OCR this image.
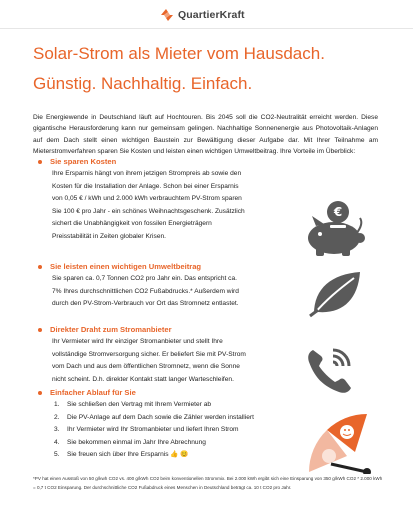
QuartierKraft
Solar-Strom als Mieter vom Hausdach.
Günstig. Nachhaltig. Einfach.
Die Energiewende in Deutschland läuft auf Hochtouren. Bis 2045 soll die CO2-Neutralität erreicht werden. Diese gigantische Herausforderung kann nur gemeinsam gelingen. Nachhaltige Sonnenenergie aus Photovoltaik-Anlagen auf dem Dach stellt einen wichtigen Baustein zur Bewältigung dieser Aufgabe dar. Mit Ihrer Teilnahme am Mieterstromverfahren sparen Sie Kosten und leisten einen wichtigen Umweltbeitrag. Ihre Vorteile im Überblick:
Sie sparen Kosten
Ihre Ersparnis hängt von ihrem jetzigen Strompreis ab sowie den
Kosten für die Installation der Anlage. Schon bei einer Ersparnis
von 0,05 € / kWh und 2.000 kWh verbrauchtem PV-Strom sparen
Sie 100 € pro Jahr - ein schönes Weihnachtsgeschenk. Zusätzlich
sichert die Unabhängigkeit von fossilen Energieträgern
Preisstabilität in Zeiten globaler Krisen.
Sie leisten einen wichtigen Umweltbeitrag
Sie sparen ca. 0,7 Tonnen CO2 pro Jahr ein. Das entspricht ca.
7% Ihres durchschnittlichen CO2 Fußabdrucks.* Außerdem wird
durch den PV-Strom-Verbrauch vor Ort das Stromnetz entlastet.
Direkter Draht zum Stromanbieter
Ihr Vermieter wird Ihr einziger Stromanbieter und stellt Ihre
vollständige Stromversorgung sicher. Er beliefert Sie mit PV-Strom
vom Dach und aus dem öffentlichen Stromnetz, wenn die Sonne
nicht scheint. D.h. direkter Kontakt statt langer Warteschleifen.
Einfacher Ablauf für Sie
1.	Sie schließen den Vertrag mit Ihrem Vermieter ab
2.	Die PV-Anlage auf dem Dach sowie die Zähler werden installiert
3.	Ihr Vermieter wird Ihr Stromanbieter und liefert Ihren Strom
4.	Sie bekommen einmal im Jahr Ihre Abrechnung
5.	Sie freuen sich über Ihre Ersparnis 👍 😊
€
*PV hat einen Ausstoß von 50 g/kwh CO2 vs. 400 g/kWh CO2 beim konventionellen Strommix. Bei 2.000 kWh ergibt sich eine Einsparung von 350 g/kWh CO2 * 2.000 kWh = 0,7 t CO2 Einsparung. Der durchschnittliche CO2 Fußabdruck eines Menschen in Deutschland beträgt ca. 10 t CO2 pro Jahr.
